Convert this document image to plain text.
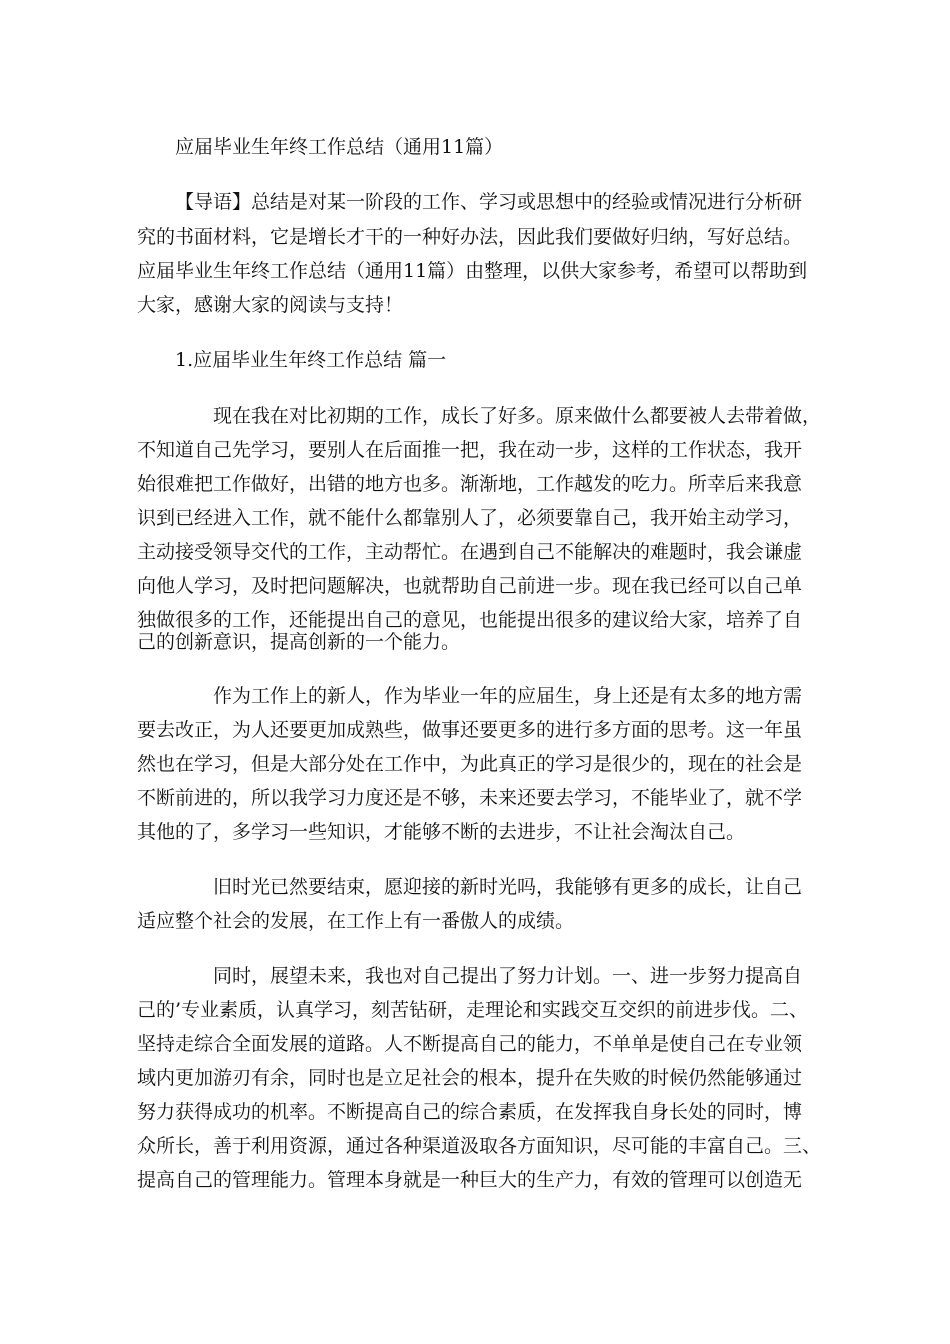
应届毕业生年终工作总结（通用11篇）
【导语】总结是对某一阶段的工作、学习或思想中的经验或情况进行分析研
究的书面材料，它是增长才干的一种好办法，因此我们要做好归纳，写好总结。
应届毕业生年终工作总结（通用11篇）由整理，以供大家参考，希望可以帮助到
大家，感谢大家的阅读与支持！
1.应届毕业生年终工作总结 篇一
现在我在对比初期的工作，成长了好多。原来做什么都要被人去带着做，
不知道自己先学习，要别人在后面推一把，我在动一步，这样的工作状态，我开
始很难把工作做好，出错的地方也多。渐渐地，工作越发的吃力。所幸后来我意
识到已经进入工作，就不能什么都靠别人了，必须要靠自己，我开始主动学习，
主动接受领导交代的工作，主动帮忙。在遇到自己不能解决的难题时，我会谦虚
向他人学习，及时把问题解决，也就帮助自己前进一步。现在我已经可以自己单
独做很多的工作，还能提出自己的意见，也能提出很多的建议给大家，培养了自
己的创新意识，提高创新的一个能力。
作为工作上的新人，作为毕业一年的应届生，身上还是有太多的地方需
要去改正，为人还要更加成熟些，做事还要更多的进行多方面的思考。这一年虽
然也在学习，但是大部分处在工作中，为此真正的学习是很少的，现在的社会是
不断前进的，所以我学习力度还是不够，未来还要去学习，不能毕业了，就不学
其他的了，多学习一些知识，才能够不断的去进步，不让社会淘汰自己。
旧时光已然要结束，愿迎接的新时光吗，我能够有更多的成长，让自己
适应整个社会的发展，在工作上有一番傲人的成绩。
同时，展望未来，我也对自己提出了努力计划。一、进一步努力提高自
己的’专业素质，认真学习，刻苦钻研，走理论和实践交互交织的前进步伐。二、
坚持走综合全面发展的道路。人不断提高自己的能力，不单单是使自己在专业领
域内更加游刃有余，同时也是立足社会的根本，提升在失败的时候仍然能够通过
努力获得成功的机率。不断提高自己的综合素质，在发挥我自身长处的同时，博
众所长，善于利用资源，通过各种渠道汲取各方面知识，尽可能的丰富自己。三、
提高自己的管理能力。管理本身就是一种巨大的生产力，有效的管理可以创造无
